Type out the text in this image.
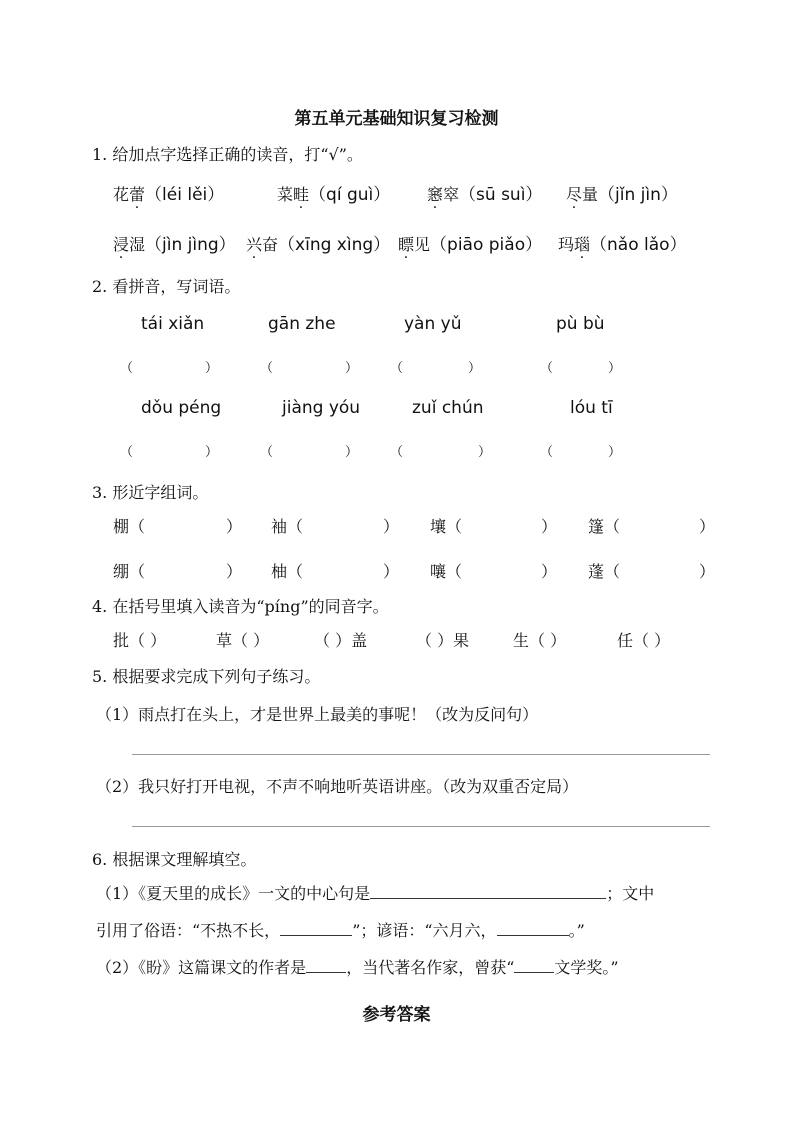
第五单元基础知识复习检测
1. 给加点字选择正确的读音，打“√”。
花蕾（léi lěi）	菜畦（qí guì） 窸窣（sū suì） 尽量（jǐn jìn）
浸湿（jìn jìng） 兴奋（xīng xìng） 瞟见（piāo piǎo） 玛瑙（nǎo lǎo）
2. 看拼音，写词语。
tái xiǎn	gān zhe	yàn yǔ	pù bù
（	）	（	） （	）	（	）
dǒu péng	jiàng yóu	zuǐ chún	lóu tī
（	）	（	） （	）	（	）
3. 形近字组词。
棚（	） 袖（	） 壤（	） 篷（	）
绷（	） 柚（	） 嚷（	） 蓬（	）
4. 在括号里填入读音为“píng”的同音字。
批（ ）	草（ ）	（ ）盖	（ ）果	生（ ）	任（ ）
5. 根据要求完成下列句子练习。
（1）雨点打在头上，才是世界上最美的事呢！（改为反问句）
（2）我只好打开电视，不声不响地听英语讲座。（改为双重否定局）
6. 根据课文理解填空。
（1）《夏天里的成长》一文的中心句是	；文中
引用了俗语：“不热不长，	”；谚语：“六月六，	。”
（2）《盼》这篇课文的作者是	，当代著名作家，曾获“	文学奖。”
参考答案
